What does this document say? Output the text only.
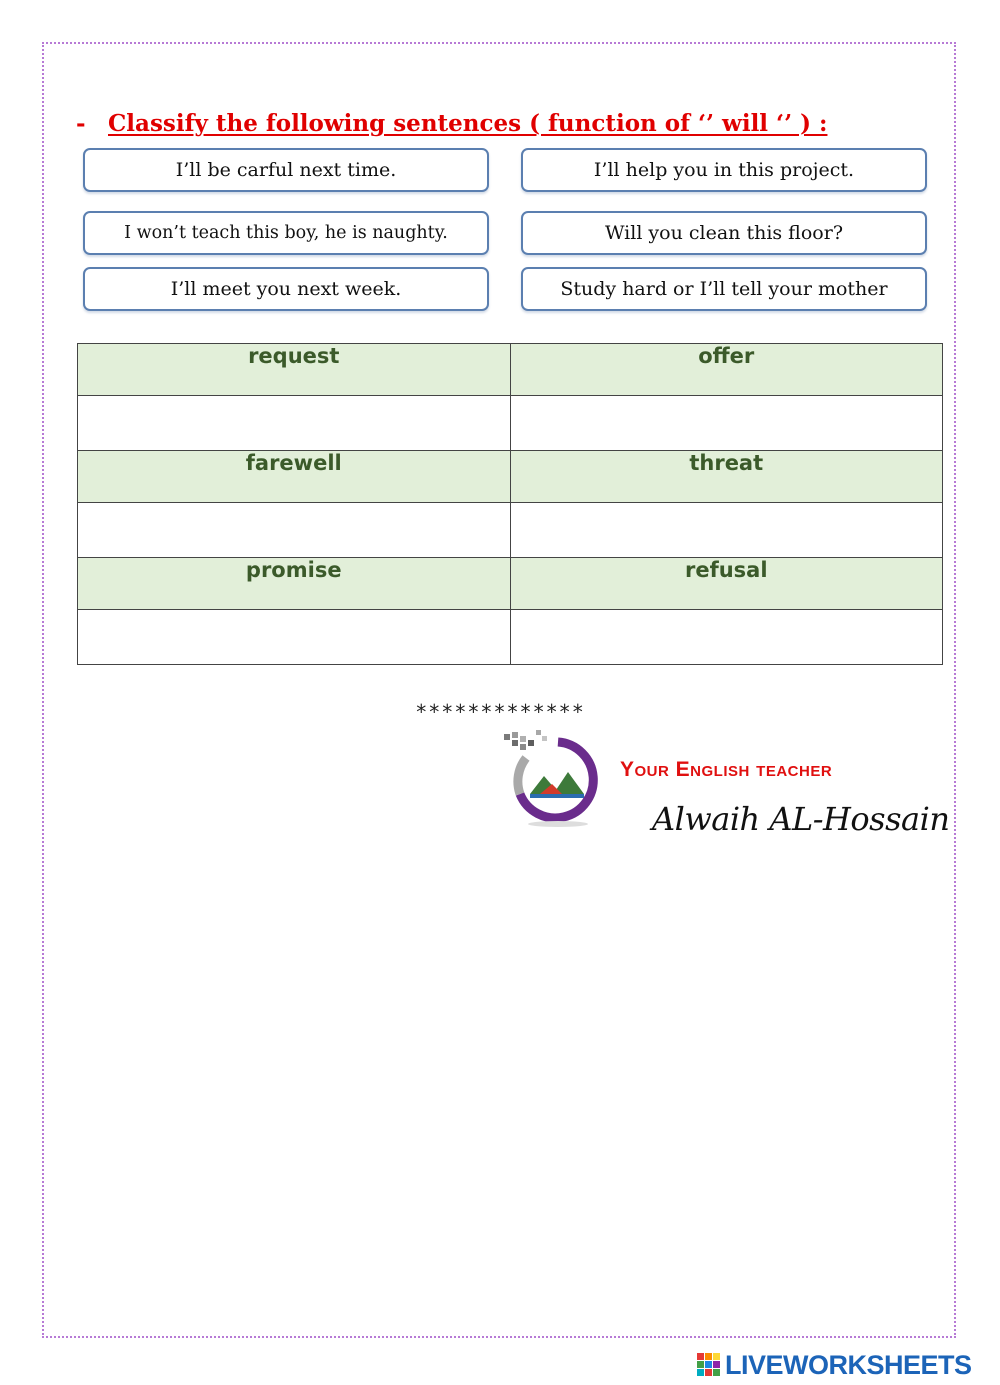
- Classify the following sentences ( function of ‘’ will ‘’ ) :
I’ll be carful next time.	I’ll help you in this project.
I won’t teach this boy, he is naughty.	Will you clean this floor?
I’ll meet you next week.	Study hard or I’ll tell your mother
request	offer

farewell	threat

promise	refusal

*************
Your English teacher
Alwaih AL-Hossain
LIVEWORKSHEETS
